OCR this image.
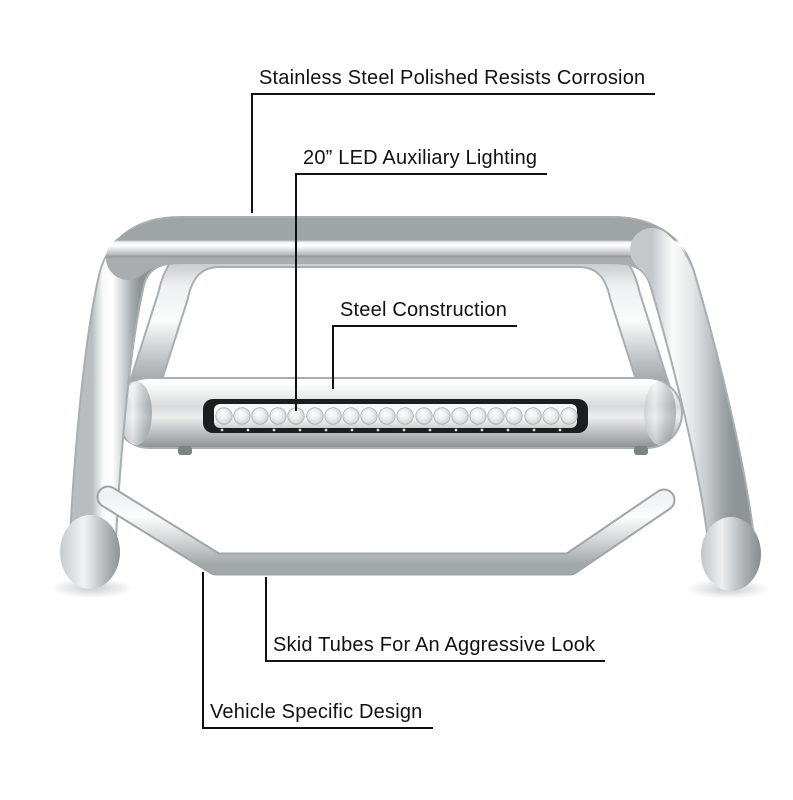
Stainless Steel Polished Resists Corrosion
20” LED Auxiliary Lighting
Steel Construction
Skid Tubes For An Aggressive Look
Vehicle Specific Design
